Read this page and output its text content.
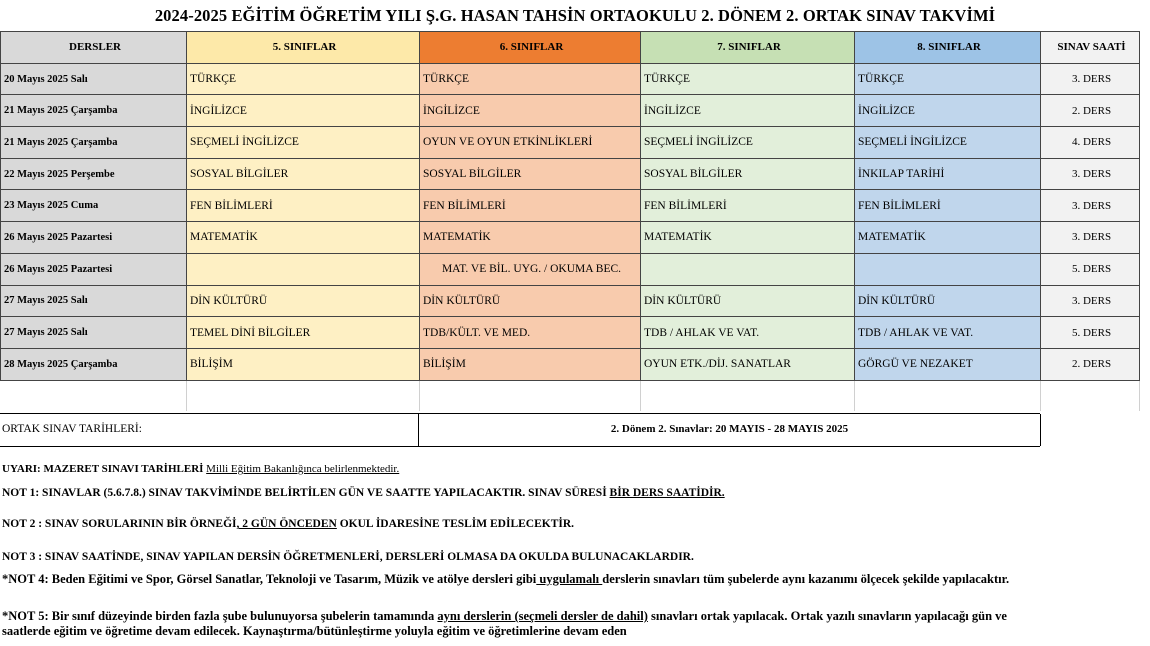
2024-2025 EĞİTİM ÖĞRETİM YILI Ş.G. HASAN TAHSİN ORTAOKULU 2. DÖNEM 2. ORTAK SINAV TAKVİMİ
DERSLER	5. SINIFLAR	6. SINIFLAR	7. SINIFLAR	8. SINIFLAR	SINAV SAATİ
20 Mayıs 2025 Salı	TÜRKÇE	TÜRKÇE	TÜRKÇE	TÜRKÇE	3. DERS
21 Mayıs 2025 Çarşamba	İNGİLİZCE	İNGİLİZCE	İNGİLİZCE	İNGİLİZCE	2. DERS
21 Mayıs 2025 Çarşamba	SEÇMELİ İNGİLİZCE	OYUN VE OYUN ETKİNLİKLERİ	SEÇMELİ İNGİLİZCE	SEÇMELİ İNGİLİZCE	4. DERS
22 Mayıs 2025 Perşembe	SOSYAL BİLGİLER	SOSYAL BİLGİLER	SOSYAL BİLGİLER	İNKILAP TARİHİ	3. DERS
23 Mayıs 2025 Cuma	FEN BİLİMLERİ	FEN BİLİMLERİ	FEN BİLİMLERİ	FEN BİLİMLERİ	3. DERS
26 Mayıs 2025 Pazartesi	MATEMATİK	MATEMATİK	MATEMATİK	MATEMATİK	3. DERS
26 Mayıs 2025 Pazartesi		MAT. VE BİL. UYG. / OKUMA BEC.			5. DERS
27 Mayıs 2025 Salı	DİN KÜLTÜRÜ	DİN KÜLTÜRÜ	DİN KÜLTÜRÜ	DİN KÜLTÜRÜ	3. DERS
27 Mayıs 2025 Salı	TEMEL DİNİ BİLGİLER	TDB/KÜLT. VE MED.	TDB / AHLAK VE VAT.	TDB / AHLAK VE VAT.	5. DERS
28 Mayıs 2025 Çarşamba	BİLİŞİM	BİLİŞİM	OYUN ETK./DİJ. SANATLAR	GÖRGÜ VE NEZAKET	2. DERS

ORTAK SINAV TARİHLERİ:	2. Dönem 2. Sınavlar: 20 MAYIS - 28 MAYIS 2025
UYARI: MAZERET SINAVI TARİHLERİ Milli Eğitim Bakanlığınca belirlenmektedir.
NOT 1: SINAVLAR (5.6.7.8.) SINAV TAKVİMİNDE BELİRTİLEN GÜN VE SAATTE YAPILACAKTIR. SINAV SÜRESİ BİR DERS SAATİDİR.
NOT 2 : SINAV SORULARININ BİR ÖRNEĞİ, 2 GÜN ÖNCEDEN OKUL İDARESİNE TESLİM EDİLECEKTİR.
NOT 3 : SINAV SAATİNDE, SINAV YAPILAN DERSİN ÖĞRETMENLERİ, DERSLERİ OLMASA DA OKULDA BULUNACAKLARDIR.
*NOT 4: Beden Eğitimi ve Spor, Görsel Sanatlar, Teknoloji ve Tasarım, Müzik ve atölye dersleri gibi uygulamalı derslerin sınavları tüm şubelerde aynı kazanımı ölçecek şekilde yapılacaktır.
*NOT 5: Bir sınıf düzeyinde birden fazla şube bulunuyorsa şubelerin tamamında aynı derslerin (seçmeli dersler de dahil) sınavları ortak yapılacak. Ortak yazılı sınavların yapılacağı gün ve saatlerde eğitim ve öğretime devam edilecek. Kaynaştırma/bütünleştirme yoluyla eğitim ve öğretimlerine devam eden
